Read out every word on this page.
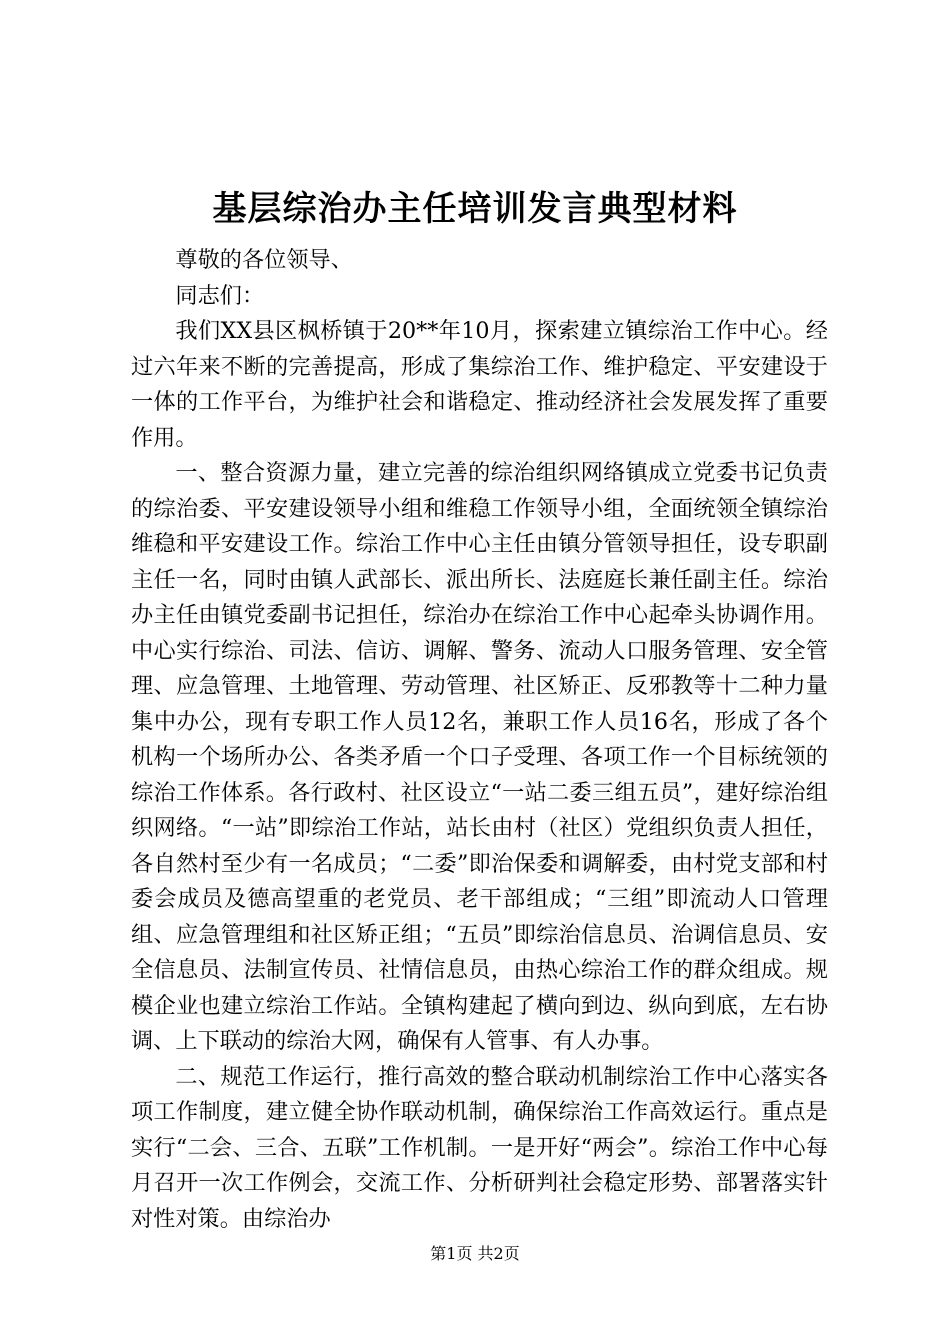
基层综治办主任培训发言典型材料

尊敬的各位领导、

同志们：

我们XX县区枫桥镇于20**年10月，探索建立镇综治工作中心。经过六年来不断的完善提高，形成了集综治工作、维护稳定、平安建设于一体的工作平台，为维护社会和谐稳定、推动经济社会发展发挥了重要作用。

一、整合资源力量，建立完善的综治组织网络镇成立党委书记负责的综治委、平安建设领导小组和维稳工作领导小组，全面统领全镇综治维稳和平安建设工作。综治工作中心主任由镇分管领导担任，设专职副主任一名，同时由镇人武部长、派出所长、法庭庭长兼任副主任。综治办主任由镇党委副书记担任，综治办在综治工作中心起牵头协调作用。中心实行综治、司法、信访、调解、警务、流动人口服务管理、安全管理、应急管理、土地管理、劳动管理、社区矫正、反邪教等十二种力量集中办公，现有专职工作人员12名，兼职工作人员16名，形成了各个机构一个场所办公、各类矛盾一个口子受理、各项工作一个目标统领的综治工作体系。各行政村、社区设立“一站二委三组五员”，建好综治组织网络。“一站”即综治工作站，站长由村（社区）党组织负责人担任，各自然村至少有一名成员；“二委”即治保委和调解委，由村党支部和村委会成员及德高望重的老党员、老干部组成；“三组”即流动人口管理组、应急管理组和社区矫正组；“五员”即综治信息员、治调信息员、安全信息员、法制宣传员、社情信息员，由热心综治工作的群众组成。规模企业也建立综治工作站。全镇构建起了横向到边、纵向到底，左右协调、上下联动的综治大网，确保有人管事、有人办事。

二、规范工作运行，推行高效的整合联动机制综治工作中心落实各项工作制度，建立健全协作联动机制，确保综治工作高效运行。重点是实行“二会、三合、五联”工作机制。一是开好“两会”。综治工作中心每月召开一次工作例会，交流工作、分析研判社会稳定形势、部署落实针对性对策。由综治办

第1页 共2页
